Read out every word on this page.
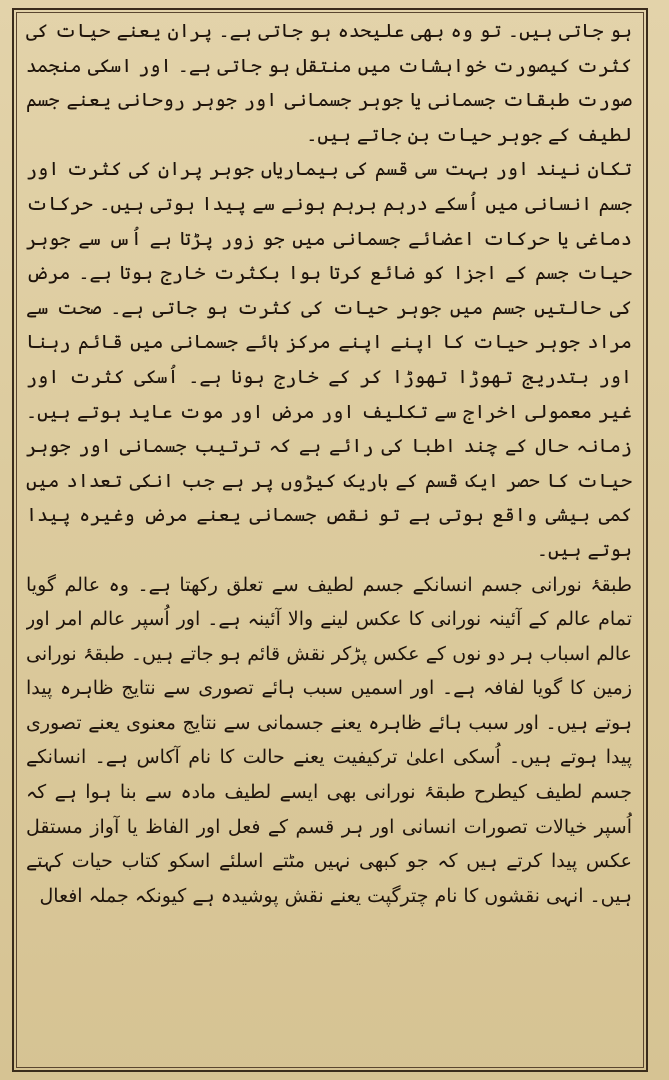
ہو جاتی ہیں۔ تو وہ بھی علیحدہ ہو جاتی ہے۔ پران یعنے حیات کی کثرت کیصورت خواہشات میں منتقل ہو جاتی ہے۔ اور اسکی منجمد صورت طبقات جسمانی یا جوہر جسمانی اور جوہر روحانی یعنے جسم لطیف کے جوہر حیات بن جاتے ہیں۔

تکان نیند اور بہت سی قسم کی بیماریاں جوہر پران کی کثرت اور جسم انسانی میں اُسکے درہم برہم ہونے سے پیدا ہوتی ہیں۔ حرکات دماغی یا حرکات اعضائے جسمانی میں جو زور پڑتا ہے اُس سے جوہر حیات جسم کے اجزا کو ضائع کرتا ہوا بکثرت خارج ہوتا ہے۔ مرض کی حالتیں جسم میں جوہر حیات کی کثرت ہو جاتی ہے۔ صحت سے مراد جوہر حیات کا اپنے اپنے مرکز ہائے جسمانی میں قائم رہنا اور بتدریج تھوڑا تھوڑا کر کے خارج ہونا ہے۔ اُسکی کثرت اور غیر معمولی اخراج سے تکلیف اور مرض اور موت عاید ہوتے ہیں۔ زمانہ حال کے چند اطبا کی رائے ہے کہ ترتیب جسمانی اور جوہر حیات کا حصر ایک قسم کے باریک کیڑوں پر ہے جب انکی تعداد میں کمی بیشی واقع ہوتی ہے تو نقص جسمانی یعنے مرض وغیرہ پیدا ہوتے ہیں۔

طبقۂ نورانی جسم انسانکے جسم لطیف سے تعلق رکھتا ہے۔ وہ عالم گویا تمام عالم کے آئینہ نورانی کا عکس لینے والا آئینہ ہے۔ اور اُسپر عالم امر اور عالم اسباب ہر دو نوں کے عکس پڑکر نقش قائم ہو جاتے ہیں۔ طبقۂ نورانی زمین کا گویا لفافہ ہے۔ اور اسمیں سبب ہائے تصوری سے نتایج ظاہرہ پیدا ہوتے ہیں۔ اور سبب ہائے ظاہرہ یعنے جسمانی سے نتایج معنوی یعنے تصوری پیدا ہوتے ہیں۔ اُسکی اعلیٰ ترکیفیت یعنے حالت کا نام آکاس ہے۔ انسانکے جسم لطیف کیطرح طبقۂ نورانی بھی ایسے لطیف مادہ سے بنا ہوا ہے کہ اُسپر خیالات تصورات انسانی اور ہر قسم کے فعل اور الفاظ یا آواز مستقل عکس پیدا کرتے ہیں کہ جو کبھی نہیں مٹتے اسلئے اسکو کتاب حیات کہتے ہیں۔ انہی نقشوں کا نام چترگپت یعنے نقش پوشیدہ ہے کیونکہ جملہ افعال
